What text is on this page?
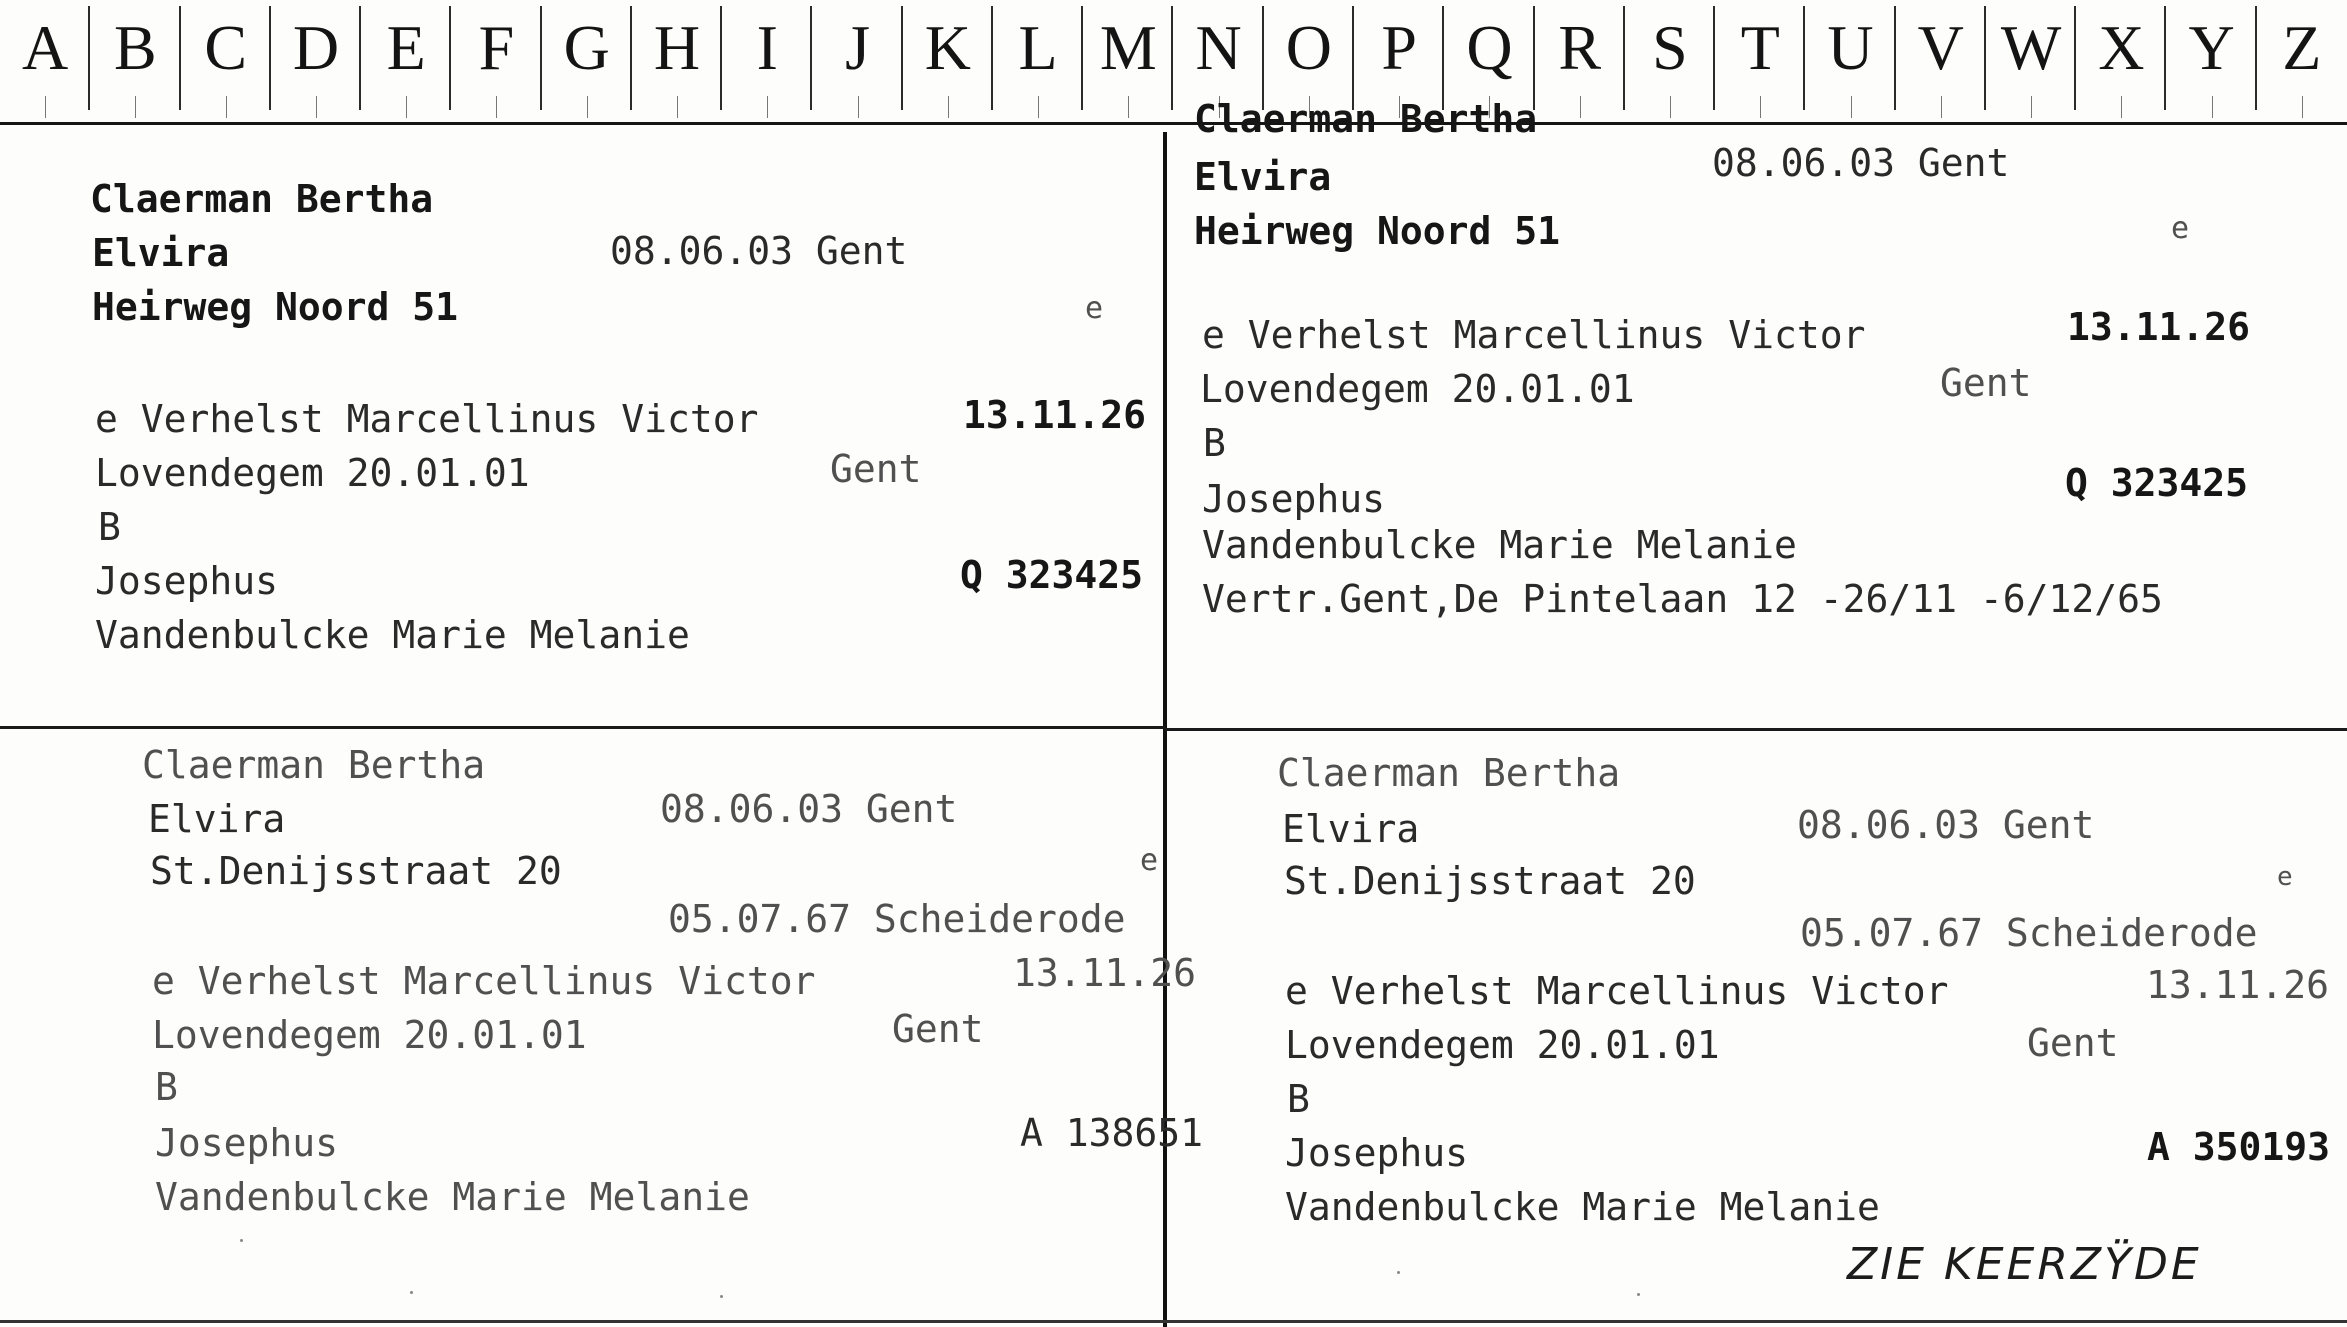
A B C D E F G H I	J K L M N O P Q R S T U V W X Y Z
Claerman Bertha
Elvira	08.06.03 Gent
Heirweg Noord 51	e
e Verhelst Marcellinus Victor	13.11.26
Lovendegem 20.01.01	Gent
B
Josephus	Q 323425
Vandenbulcke Marie Melanie
Claerman Bertha
Elvira	08.06.03 Gent
Heirweg Noord 51	e
e Verhelst Marcellinus Victor	13.11.26
Lovendegem 20.01.01	Gent
B
Josephus	Q 323425
Vandenbulcke Marie Melanie
Vertr.Gent,De Pintelaan 12 -26/11 -6/12/65
Claerman Bertha
Elvira	08.06.03 Gent
St.Denijsstraat 20	e
05.07.67 Scheiderode
e Verhelst Marcellinus Victor	13.11.26
Lovendegem 20.01.01	Gent
B
Josephus	A 138651
Vandenbulcke Marie Melanie
Claerman Bertha
Elvira	08.06.03 Gent
St.Denijsstraat 20	e
05.07.67 Scheiderode
e Verhelst Marcellinus Victor	13.11.26
Lovendegem 20.01.01	Gent
B
Josephus	A 350193
Vandenbulcke Marie Melanie
ZIE KEERZŸDE
